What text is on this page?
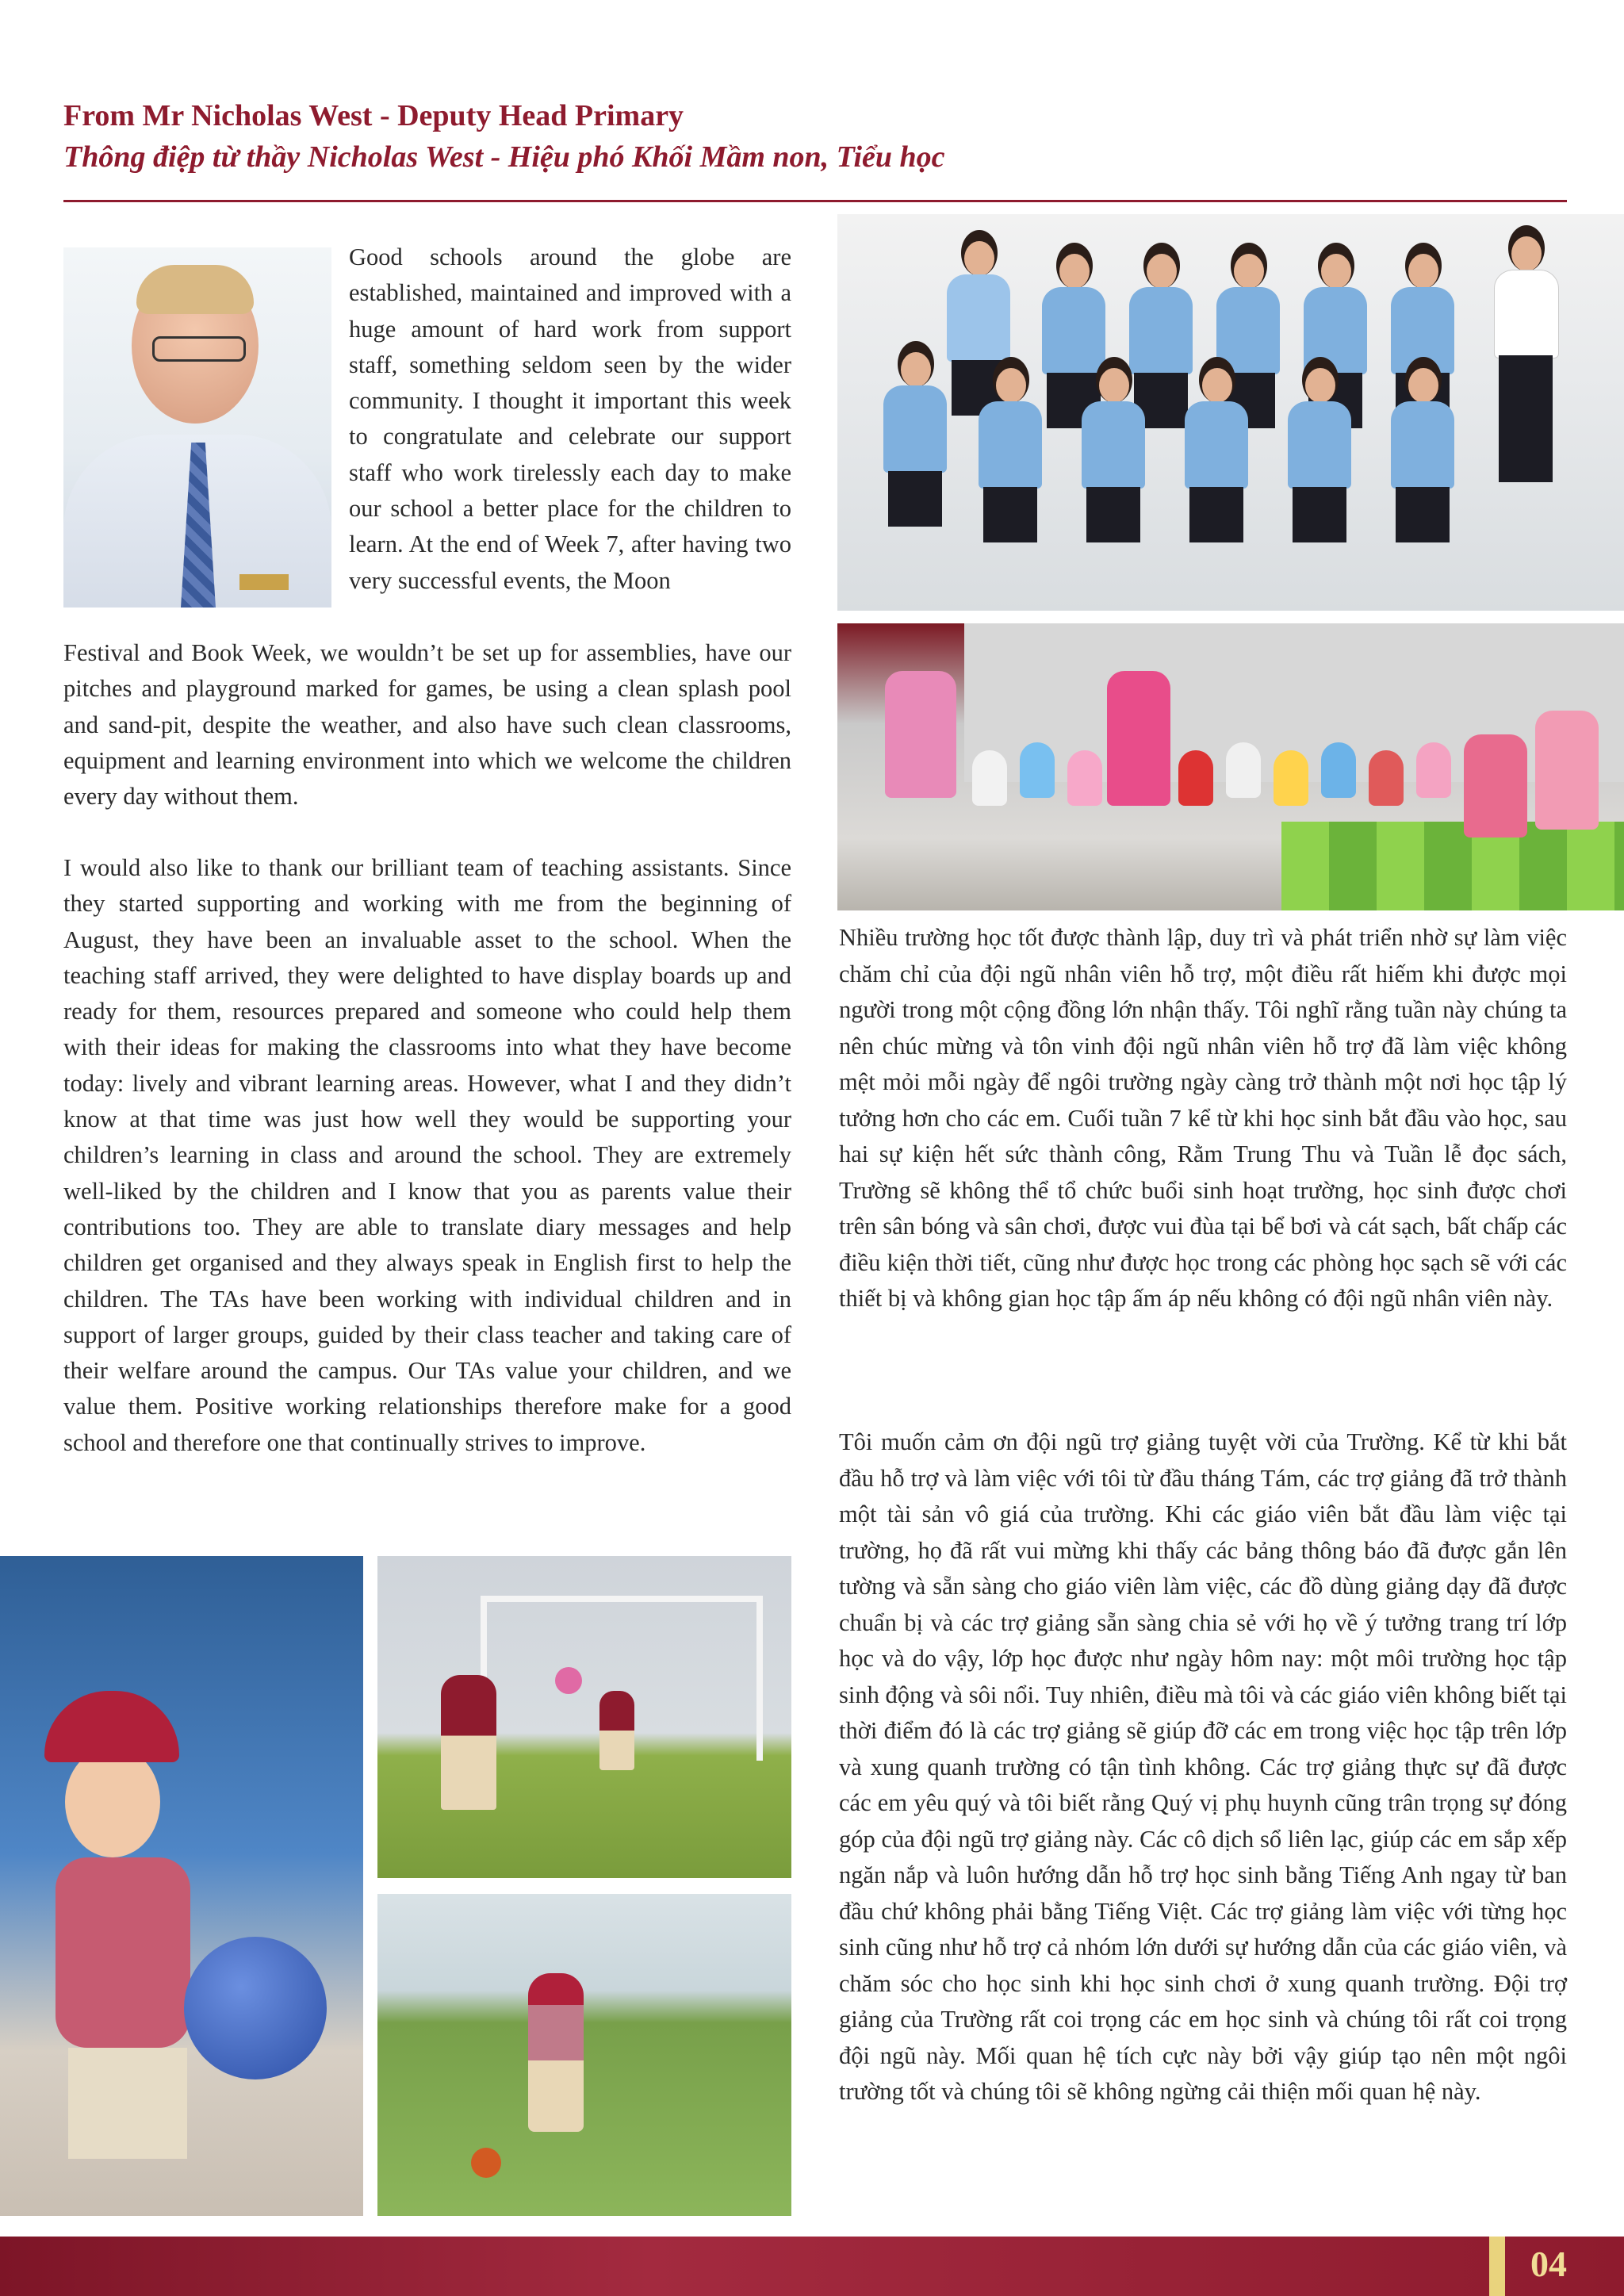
From Mr Nicholas West - Deputy Head Primary
Thông điệp từ thầy Nicholas West - Hiệu phó Khối Mầm non, Tiểu học
Good schools around the globe are established, maintained and improved with a huge amount of hard work from support staff, something seldom seen by the wider community. I thought it important this week to congratulate and celebrate our support staff who work tirelessly each day to make our school a better place for the children to learn. At the end of Week 7, after having two very successful events, the Moon
Festival and Book Week, we wouldn’t be set up for assemblies, have our pitches and playground marked for games, be using a clean splash pool and sand-pit, despite the weather, and also have such clean classrooms, equipment and learning environment into which we welcome the children every day without them.
I would also like to thank our brilliant team of teaching assistants. Since they started supporting and working with me from the beginning of August, they have been an invaluable asset to the school. When the teaching staff arrived, they were delighted to have display boards up and ready for them, resources prepared and someone who could help them with their ideas for making the classrooms into what they have become today: lively and vibrant learning areas. However, what I and they didn’t know at that time was just how well they would be supporting your children’s learning in class and around the school. They are extremely well-liked by the children and I know that you as parents value their contributions too. They are able to translate diary messages and help children get organised and they always speak in English first to help the children. The TAs have been working with individual children and in support of larger groups, guided by their class teacher and taking care of their welfare around the campus. Our TAs value your children, and we value them. Positive working relationships therefore make for a good school and therefore one that continually strives to improve.
Nhiều trường học tốt được thành lập, duy trì và phát triển nhờ sự làm việc chăm chỉ của đội ngũ nhân viên hỗ trợ, một điều rất hiếm khi được mọi người trong một cộng đồng lớn nhận thấy. Tôi nghĩ rằng tuần này chúng ta nên chúc mừng và tôn vinh đội ngũ nhân viên hỗ trợ đã làm việc không mệt mỏi mỗi ngày để ngôi trường ngày càng trở thành một nơi học tập lý tưởng hơn cho các em. Cuối tuần 7 kể từ khi học sinh bắt đầu vào học, sau hai sự kiện hết sức thành công, Rằm Trung Thu và Tuần lễ đọc sách, Trường sẽ không thể tổ chức buổi sinh hoạt trường, học sinh được chơi trên sân bóng và sân chơi, được vui đùa tại bể bơi và cát sạch, bất chấp các điều kiện thời tiết, cũng như được học trong các phòng học sạch sẽ với các thiết bị và không gian học tập ấm áp nếu không có đội ngũ nhân viên này.
Tôi muốn cảm ơn đội ngũ trợ giảng tuyệt vời của Trường. Kể từ khi bắt đầu hỗ trợ và làm việc với tôi từ đầu tháng Tám, các trợ giảng đã trở thành một tài sản vô giá của trường. Khi các giáo viên bắt đầu làm việc tại trường, họ đã rất vui mừng khi thấy các bảng thông báo đã được gắn lên tường và sẵn sàng cho giáo viên làm việc, các đồ dùng giảng dạy đã được chuẩn bị và các trợ giảng sẵn sàng chia sẻ với họ về ý tưởng trang trí lớp học và do vậy, lớp học được như ngày hôm nay: một môi trường học tập sinh động và sôi nổi. Tuy nhiên, điều mà tôi và các giáo viên không biết tại thời điểm đó là các trợ giảng sẽ giúp đỡ các em trong việc học tập trên lớp và xung quanh trường có tận tình không. Các trợ giảng thực sự đã được các em yêu quý và tôi biết rằng Quý vị phụ huynh cũng trân trọng sự đóng góp của đội ngũ trợ giảng này. Các cô dịch sổ liên lạc, giúp các em sắp xếp ngăn nắp và luôn hướng dẫn hỗ trợ học sinh bằng Tiếng Anh ngay từ ban đầu chứ không phải bằng Tiếng Việt. Các trợ giảng làm việc với từng học sinh cũng như hỗ trợ cả nhóm lớn dưới sự hướng dẫn của các giáo viên, và chăm sóc cho học sinh khi học sinh chơi ở xung quanh trường. Đội trợ giảng của Trường rất coi trọng các em học sinh và chúng tôi rất coi trọng đội ngũ này. Mối quan hệ tích cực này bởi vậy giúp tạo nên một ngôi trường tốt và chúng tôi sẽ không ngừng cải thiện mối quan hệ này.
04
